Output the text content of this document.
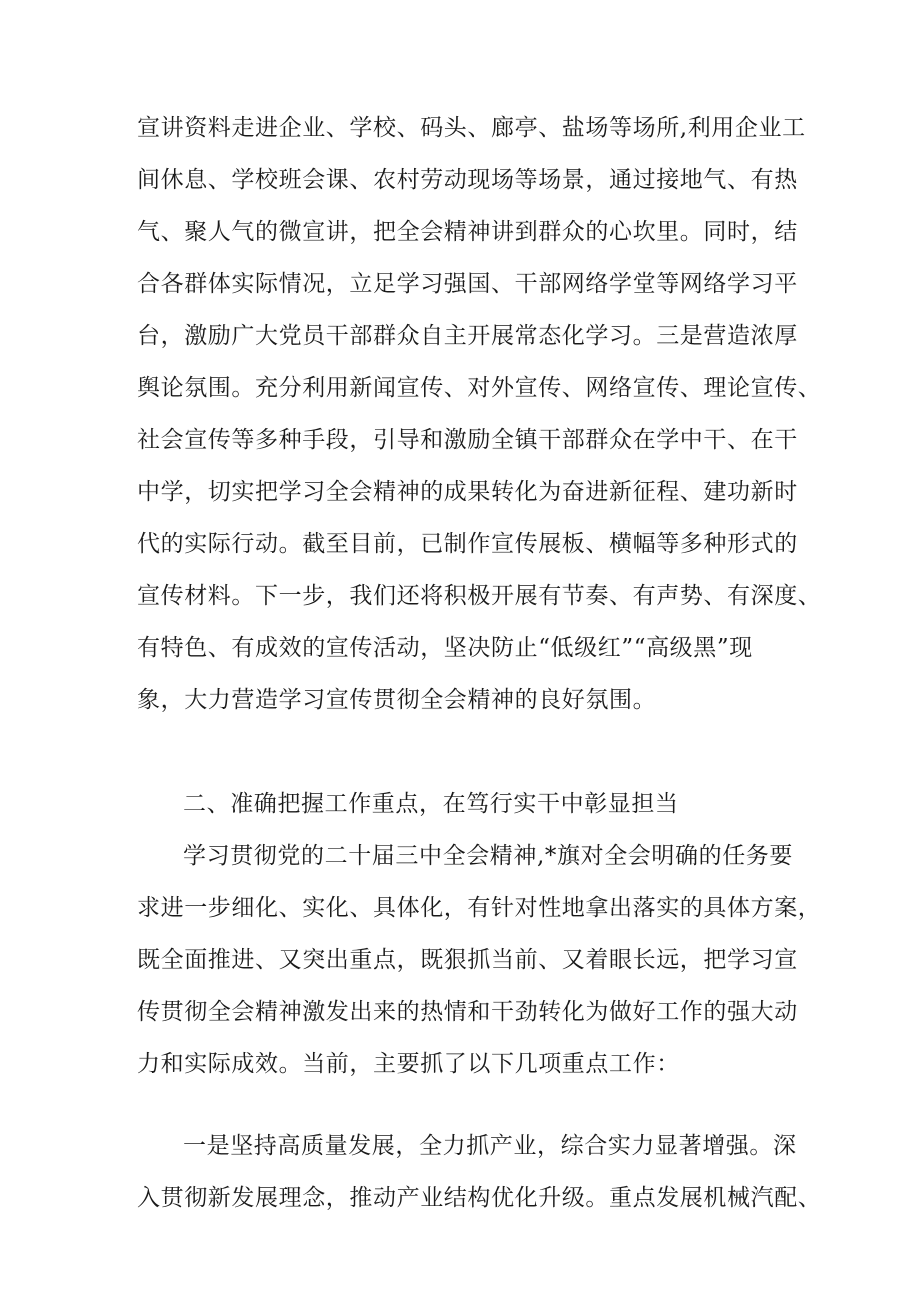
宣讲资料走进企业、学校、码头、廊亭、盐场等场所,利用企业工
间休息、学校班会课、农村劳动现场等场景，通过接地气、有热
气、聚人气的微宣讲，把全会精神讲到群众的心坎里。同时，结
合各群体实际情况，立足学习强国、干部网络学堂等网络学习平
台，激励广大党员干部群众自主开展常态化学习。三是营造浓厚
舆论氛围。充分利用新闻宣传、对外宣传、网络宣传、理论宣传、
社会宣传等多种手段，引导和激励全镇干部群众在学中干、在干
中学，切实把学习全会精神的成果转化为奋进新征程、建功新时
代的实际行动。截至目前，已制作宣传展板、横幅等多种形式的
宣传材料。下一步，我们还将积极开展有节奏、有声势、有深度、
有特色、有成效的宣传活动，坚决防止“低级红”“高级黑”现
象，大力营造学习宣传贯彻全会精神的良好氛围。
二、准确把握工作重点，在笃行实干中彰显担当
学习贯彻党的二十届三中全会精神,*旗对全会明确的任务要
求进一步细化、实化、具体化，有针对性地拿出落实的具体方案，
既全面推进、又突出重点，既狠抓当前、又着眼长远，把学习宣
传贯彻全会精神激发出来的热情和干劲转化为做好工作的强大动
力和实际成效。当前，主要抓了以下几项重点工作：
一是坚持高质量发展，全力抓产业，综合实力显著增强。深
入贯彻新发展理念，推动产业结构优化升级。重点发展机械汽配、
